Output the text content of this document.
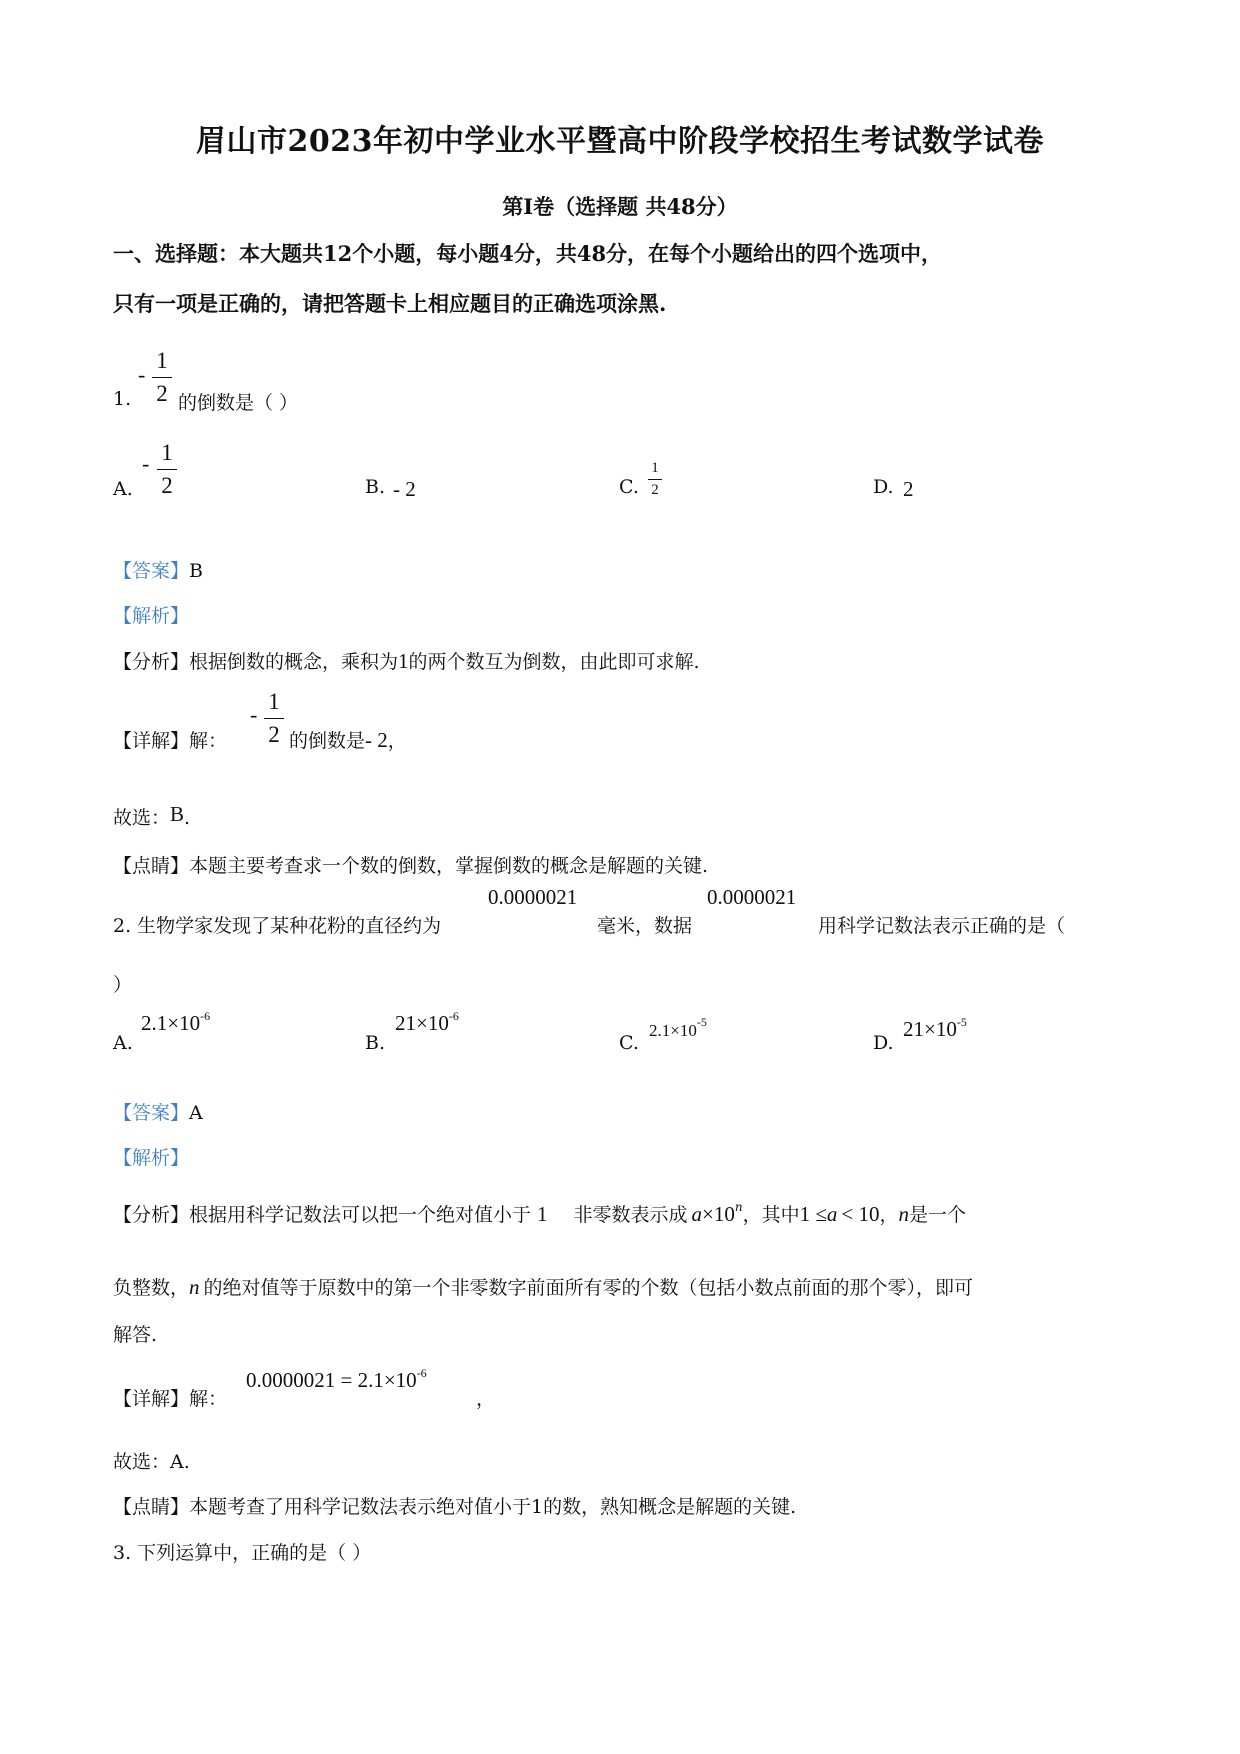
眉山市2023年初中学业水平暨高中阶段学校招生考试数学试卷
第I卷（选择题 共48分）
一、选择题：本大题共12个小题，每小题4分，共48分，在每个小题给出的四个选项中，
只有一项是正确的，请把答题卡上相应题目的正确选项涂黑.
1.
-
1
2 的倒数是（ ）
A.
- 1
2	B. - 2	C.
1
2	D. 2
【答案】B
【解析】
【分析】根据倒数的概念，乘积为1的两个数互为倒数，由此即可求解.
【详解】解：
-
1
2 的倒数是- 2，
故选：B.
【点睛】本题主要考查求一个数的倒数，掌握倒数的概念是解题的关键.
2. 生物学家发现了某种花粉的直径约为
0.0000021
毫米，数据
0.0000021
用科学记数法表示正确的是（
）
A.
$2.1\times 10^{-6}$
B.
$21\times 10^{-6}$
C.
$2.1\times 10^{-5}$
D.
$21\times 10^{-5}$
【答案】A
【解析】
【分析】根据用科学记数法可以把一个绝对值小于 1 非零数表示成 $a\times 10^n$，其中1 ≤a < 10，n是一个
负整数，n 的绝对值等于原数中的第一个非零数字前面所有零的个数（包括小数点前面的那个零），即可
解答.
【详解】解：
$0.0000021 = 2.1\times 10^{-6}$
，
故选：A.
【点睛】本题考查了用科学记数法表示绝对值小于1的数，熟知概念是解题的关键.
3. 下列运算中，正确的是（ ）
